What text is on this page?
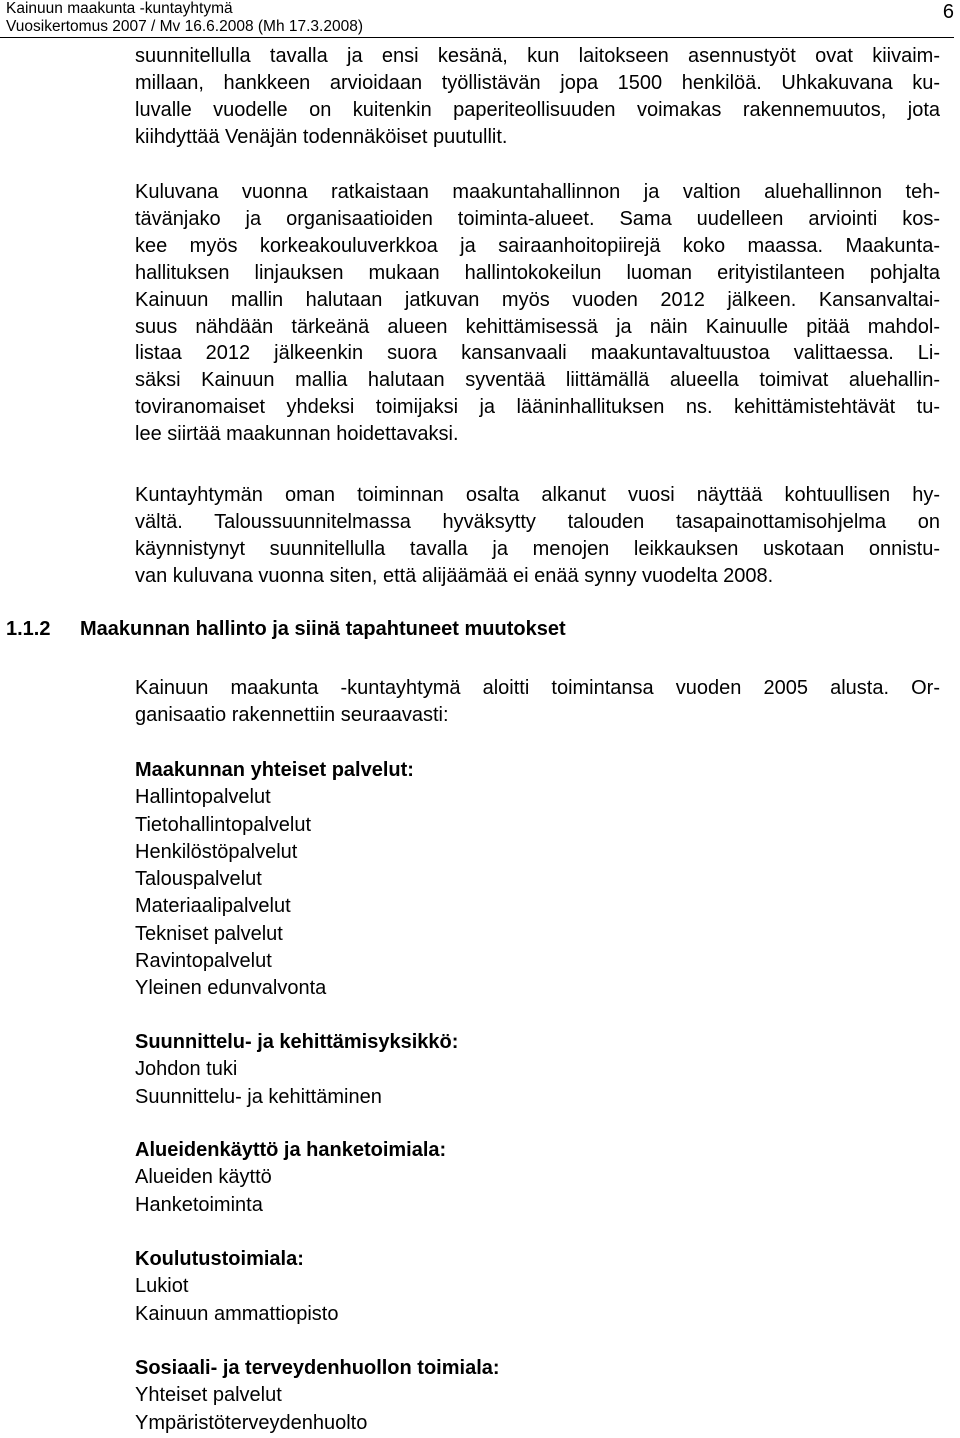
Kainuun maakunta -kuntayhtymä
Vuosikertomus 2007 / Mv 16.6.2008 (Mh 17.3.2008)
6
suunnitellulla tavalla ja ensi kesänä, kun laitokseen asennustyöt ovat kiivaim-
millaan, hankkeen arvioidaan työllistävän jopa 1500 henkilöä. Uhkakuvana ku-
luvalle vuodelle on kuitenkin paperiteollisuuden voimakas rakennemuutos, jota
kiihdyttää Venäjän todennäköiset puutullit.
Kuluvana vuonna ratkaistaan maakuntahallinnon ja valtion aluehallinnon teh-
tävänjako ja organisaatioiden toiminta-alueet. Sama uudelleen arviointi kos-
kee myös korkeakouluverkkoa ja sairaanhoitopiirejä koko maassa. Maakunta-
hallituksen linjauksen mukaan hallintokokeilun luoman erityistilanteen pohjalta
Kainuun mallin halutaan jatkuvan myös vuoden 2012 jälkeen. Kansanvaltai-
suus nähdään tärkeänä alueen kehittämisessä ja näin Kainuulle pitää mahdol-
listaa 2012 jälkeenkin suora kansanvaali maakuntavaltuustoa valittaessa. Li-
säksi Kainuun mallia halutaan syventää liittämällä alueella toimivat aluehallin-
toviranomaiset yhdeksi toimijaksi ja lääninhallituksen ns. kehittämistehtävät tu-
lee siirtää maakunnan hoidettavaksi.
Kuntayhtymän oman toiminnan osalta alkanut vuosi näyttää kohtuullisen hy-
vältä. Taloussuunnitelmassa hyväksytty talouden tasapainottamisohjelma on
käynnistynyt suunnitellulla tavalla ja menojen leikkauksen uskotaan onnistu-
van kuluvana vuonna siten, että alijäämää ei enää synny vuodelta 2008.
1.1.2 Maakunnan hallinto ja siinä tapahtuneet muutokset
Kainuun maakunta -kuntayhtymä aloitti toimintansa vuoden 2005 alusta. Or-
ganisaatio rakennettiin seuraavasti:
Maakunnan yhteiset palvelut:
Hallintopalvelut
Tietohallintopalvelut
Henkilöstöpalvelut
Talouspalvelut
Materiaalipalvelut
Tekniset palvelut
Ravintopalvelut
Yleinen edunvalvonta
Suunnittelu- ja kehittämisyksikkö:
Johdon tuki
Suunnittelu- ja kehittäminen
Alueidenkäyttö ja hanketoimiala:
Alueiden käyttö
Hanketoiminta
Koulutustoimiala:
Lukiot
Kainuun ammattiopisto
Sosiaali- ja terveydenhuollon toimiala:
Yhteiset palvelut
Ympäristöterveydenhuolto
